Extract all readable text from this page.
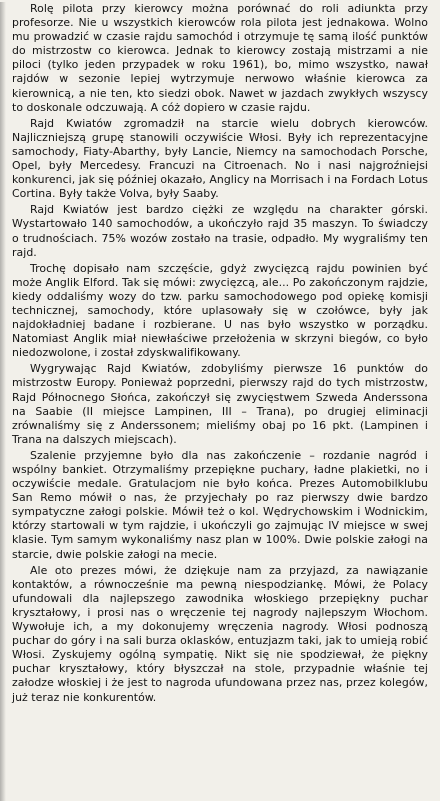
Rolę pilota przy kierowcy można porównać do roli adiunkta przy profesorze. Nie u wszystkich kierowców rola pilota jest jednakowa. Wolno mu prowadzić w czasie rajdu samochód i otrzymuje tę samą ilość punktów do mistrzostw co kierowca. Jednak to kierowcy zostają mistrzami a nie piloci (tylko jeden przypadek w roku 1961), bo, mimo wszystko, nawał rajdów w sezonie lepiej wytrzymuje nerwowo właśnie kierowca za kierownicą, a nie ten, kto siedzi obok. Nawet w jazdach zwykłych wszyscy to doskonale odczuwają. A cóż dopiero w czasie rajdu.

Rajd Kwiatów zgromadził na starcie wielu dobrych kierowców. Najliczniejszą grupę stanowili oczywiście Włosi. Były ich reprezentacyjne samochody, Fiaty-Abarthy, były Lancie, Niemcy na samochodach Porsche, Opel, były Mercedesy. Francuzi na Citroenach. No i nasi najgroźniejsi konkurenci, jak się później okazało, Anglicy na Morrisach i na Fordach Lotus Cortina. Były także Volva, były Saaby.

Rajd Kwiatów jest bardzo ciężki ze względu na charakter górski. Wystartowało 140 samochodów, a ukończyło rajd 35 maszyn. To świadczy o trudnościach. 75% wozów zostało na trasie, odpadło. My wygraliśmy ten rajd.

Trochę dopisało nam szczęście, gdyż zwycięzcą rajdu powinien być może Anglik Elford. Tak się mówi: zwycięzcą, ale... Po zakończonym rajdzie, kiedy oddaliśmy wozy do tzw. parku samochodowego pod opiekę komisji technicznej, samochody, które uplasowały się w czołówce, były jak najdokładniej badane i rozbierane. U nas było wszystko w porządku. Natomiast Anglik miał niewłaściwe przełożenia w skrzyni biegów, co było niedozwolone, i został zdyskwalifikowany.

Wygrywając Rajd Kwiatów, zdobyliśmy pierwsze 16 punktów do mistrzostw Europy. Ponieważ poprzedni, pierwszy rajd do tych mistrzostw, Rajd Północnego Słońca, zakończył się zwycięstwem Szweda Anderssona na Saabie (II miejsce Lampinen, III – Trana), po drugiej eliminacji zrównaliśmy się z Anderssonem; mieliśmy obaj po 16 pkt. (Lampinen i Trana na dalszych miejscach).

Szalenie przyjemne było dla nas zakończenie – rozdanie nagród i wspólny bankiet. Otrzymaliśmy przepiękne puchary, ładne plakietki, no i oczywiście medale. Gratulacjom nie było końca. Prezes Automobilklubu San Remo mówił o nas, że przyjechały po raz pierwszy dwie bardzo sympatyczne załogi polskie. Mówił też o kol. Wędrychowskim i Wodnickim, którzy startowali w tym rajdzie, i ukończyli go zajmując IV miejsce w swej klasie. Tym samym wykonaliśmy nasz plan w 100%. Dwie polskie załogi na starcie, dwie polskie załogi na mecie.

Ale oto prezes mówi, że dziękuje nam za przyjazd, za nawiązanie kontaktów, a równocześnie ma pewną niespodziankę. Mówi, że Polacy ufundowali dla najlepszego zawodnika włoskiego przepiękny puchar kryształowy, i prosi nas o wręczenie tej nagrody najlepszym Włochom. Wywołuje ich, a my dokonujemy wręczenia nagrody. Włosi podnoszą puchar do góry i na sali burza oklasków, entuzjazm taki, jak to umieją robić Włosi. Zyskujemy ogólną sympatię. Nikt się nie spodziewał, że piękny puchar kryształowy, który błyszczał na stole, przypadnie właśnie tej załodze włoskiej i że jest to nagroda ufundowana przez nas, przez kolegów, już teraz nie konkurentów.
